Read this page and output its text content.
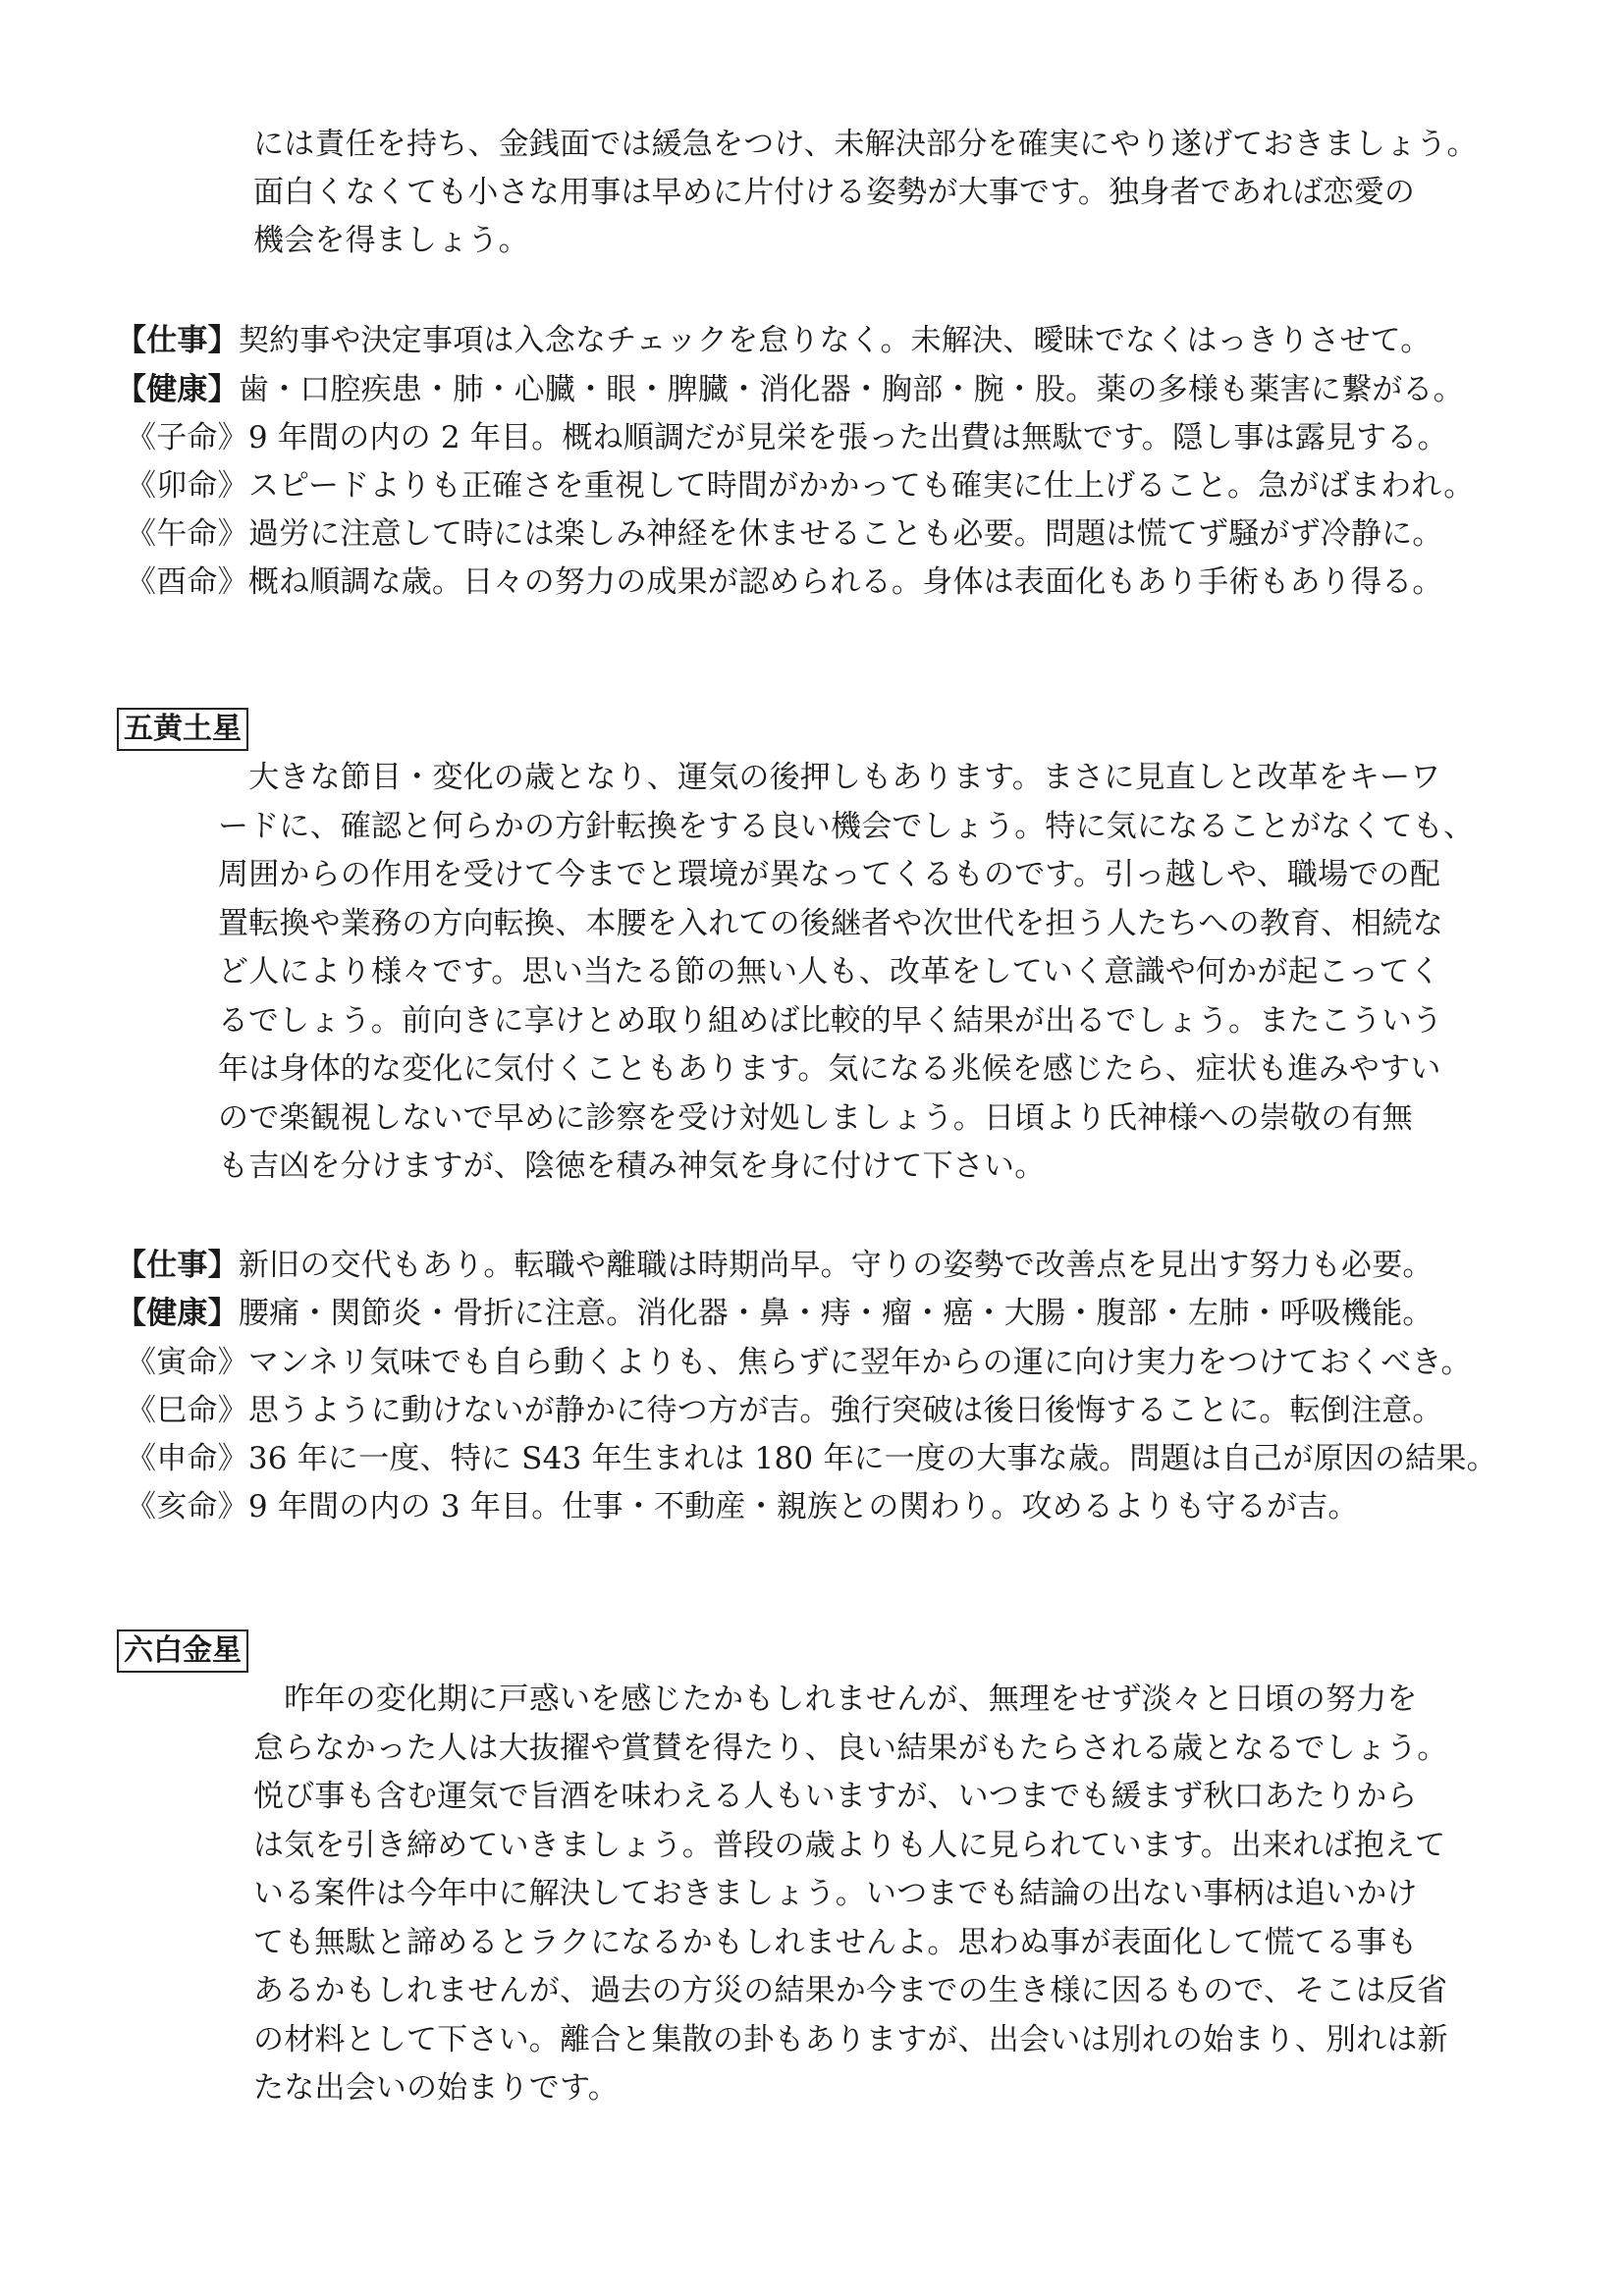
には責任を持ち、金銭面では緩急をつけ、未解決部分を確実にやり遂げておきましょう。
面白くなくても小さな用事は早めに片付ける姿勢が大事です。独身者であれば恋愛の
機会を得ましょう。
【仕事】契約事や決定事項は入念なチェックを怠りなく。未解決、曖昧でなくはっきりさせて。
【健康】歯・口腔疾患・肺・心臓・眼・脾臓・消化器・胸部・腕・股。薬の多様も薬害に繋がる。
《子命》9 年間の内の 2 年目。概ね順調だが見栄を張った出費は無駄です。隠し事は露見する。
《卯命》スピードよりも正確さを重視して時間がかかっても確実に仕上げること。急がばまわれ。
《午命》過労に注意して時には楽しみ神経を休ませることも必要。問題は慌てず騒がず冷静に。
《酉命》概ね順調な歳。日々の努力の成果が認められる。身体は表面化もあり手術もあり得る。
五黄土星
　大きな節目・変化の歳となり、運気の後押しもあります。まさに見直しと改革をキーワ
ードに、確認と何らかの方針転換をする良い機会でしょう。特に気になることがなくても、
周囲からの作用を受けて今までと環境が異なってくるものです。引っ越しや、職場での配
置転換や業務の方向転換、本腰を入れての後継者や次世代を担う人たちへの教育、相続な
ど人により様々です。思い当たる節の無い人も、改革をしていく意識や何かが起こってく
るでしょう。前向きに享けとめ取り組めば比較的早く結果が出るでしょう。またこういう
年は身体的な変化に気付くこともあります。気になる兆候を感じたら、症状も進みやすい
ので楽観視しないで早めに診察を受け対処しましょう。日頃より氏神様への崇敬の有無
も吉凶を分けますが、陰徳を積み神気を身に付けて下さい。
【仕事】新旧の交代もあり。転職や離職は時期尚早。守りの姿勢で改善点を見出す努力も必要。
【健康】腰痛・関節炎・骨折に注意。消化器・鼻・痔・瘤・癌・大腸・腹部・左肺・呼吸機能。
《寅命》マンネリ気味でも自ら動くよりも、焦らずに翌年からの運に向け実力をつけておくべき。
《巳命》思うように動けないが静かに待つ方が吉。強行突破は後日後悔することに。転倒注意。
《申命》36 年に一度、特に S43 年生まれは 180 年に一度の大事な歳。問題は自己が原因の結果。
《亥命》9 年間の内の 3 年目。仕事・不動産・親族との関わり。攻めるよりも守るが吉。
六白金星
　昨年の変化期に戸惑いを感じたかもしれませんが、無理をせず淡々と日頃の努力を
怠らなかった人は大抜擢や賞賛を得たり、良い結果がもたらされる歳となるでしょう。
悦び事も含む運気で旨酒を味わえる人もいますが、いつまでも緩まず秋口あたりから
は気を引き締めていきましょう。普段の歳よりも人に見られています。出来れば抱えて
いる案件は今年中に解決しておきましょう。いつまでも結論の出ない事柄は追いかけ
ても無駄と諦めるとラクになるかもしれませんよ。思わぬ事が表面化して慌てる事も
あるかもしれませんが、過去の方災の結果か今までの生き様に因るもので、そこは反省
の材料として下さい。離合と集散の卦もありますが、出会いは別れの始まり、別れは新
たな出会いの始まりです。
